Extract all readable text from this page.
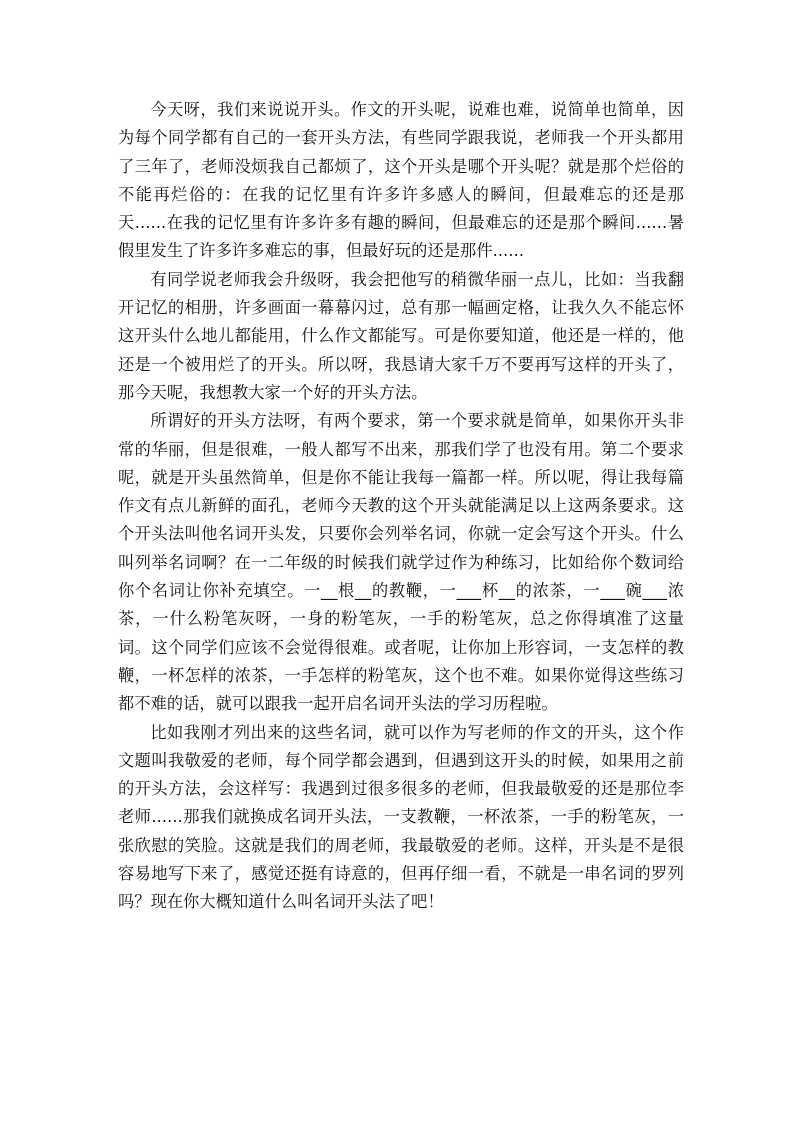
今天呀，我们来说说开头。作文的开头呢，说难也难，说简单也简单，因为每个同学都有自己的一套开头方法，有些同学跟我说，老师我一个开头都用了三年了，老师没烦我自己都烦了，这个开头是哪个开头呢？就是那个烂俗的不能再烂俗的：在我的记忆里有许多许多感人的瞬间，但最难忘的还是那天......在我的记忆里有许多许多有趣的瞬间，但最难忘的还是那个瞬间......暑假里发生了许多许多难忘的事，但最好玩的还是那件......

有同学说老师我会升级呀，我会把他写的稍微华丽一点儿，比如：当我翻开记忆的相册，许多画面一幕幕闪过，总有那一幅画定格，让我久久不能忘怀这开头什么地儿都能用，什么作文都能写。可是你要知道，他还是一样的，他还是一个被用烂了的开头。所以呀，我恳请大家千万不要再写这样的开头了，那今天呢，我想教大家一个好的开头方法。

所谓好的开头方法呀，有两个要求，第一个要求就是简单，如果你开头非常的华丽，但是很难，一般人都写不出来，那我们学了也没有用。第二个要求呢，就是开头虽然简单，但是你不能让我每一篇都一样。所以呢，得让我每篇作文有点儿新鲜的面孔，老师今天教的这个开头就能满足以上这两条要求。这个开头法叫他名词开头发，只要你会列举名词，你就一定会写这个开头。什么叫列举名词啊？在一二年级的时候我们就学过作为种练习，比如给你个数词给你个名词让你补充填空。一__根__的教鞭，一___杯__的浓茶，一___碗___浓茶，一什么粉笔灰呀，一身的粉笔灰，一手的粉笔灰，总之你得填准了这量词。这个同学们应该不会觉得很难。或者呢，让你加上形容词，一支怎样的教鞭，一杯怎样的浓茶，一手怎样的粉笔灰，这个也不难。如果你觉得这些练习都不难的话，就可以跟我一起开启名词开头法的学习历程啦。

比如我刚才列出来的这些名词，就可以作为写老师的作文的开头，这个作文题叫我敬爱的老师，每个同学都会遇到，但遇到这开头的时候，如果用之前的开头方法，会这样写：我遇到过很多很多的老师，但我最敬爱的还是那位李老师......那我们就换成名词开头法，一支教鞭，一杯浓茶，一手的粉笔灰，一张欣慰的笑脸。这就是我们的周老师，我最敬爱的老师。这样，开头是不是很容易地写下来了，感觉还挺有诗意的，但再仔细一看，不就是一串名词的罗列吗？现在你大概知道什么叫名词开头法了吧！
